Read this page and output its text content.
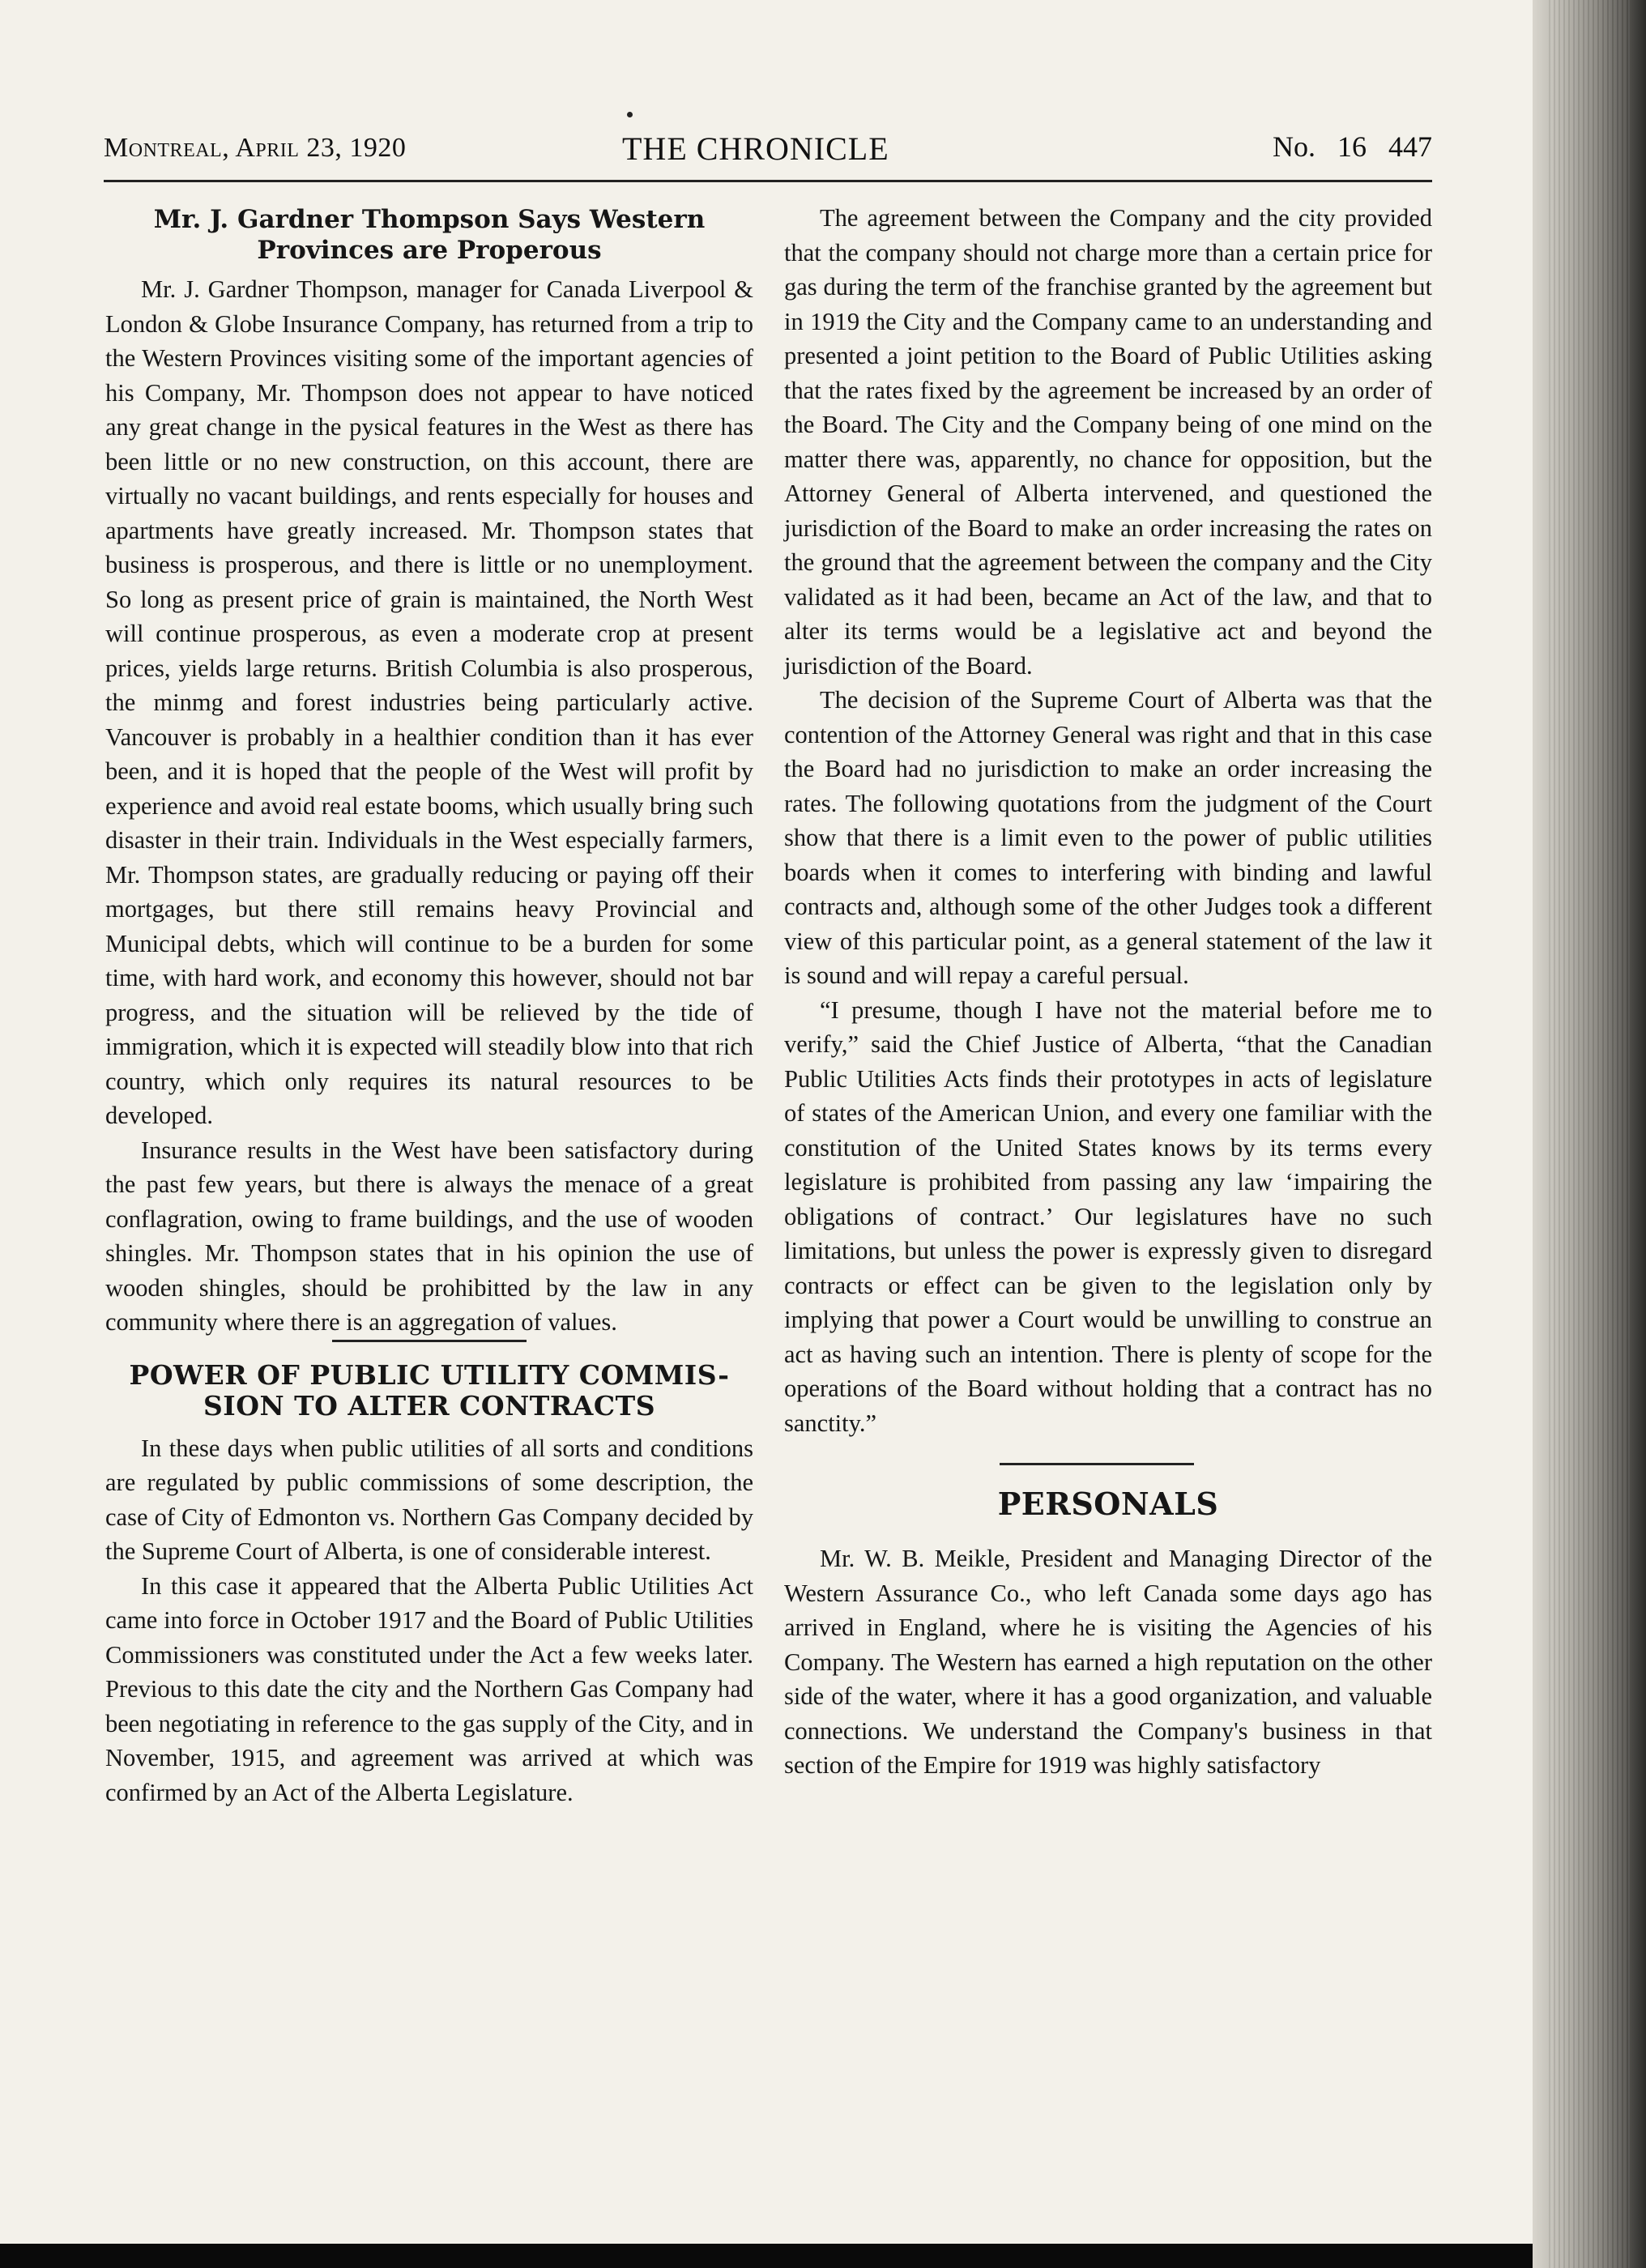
Montreal, April 23, 1920	THE CHRONICLE	No. 16 447
Mr. J. Gardner Thompson Says Western
Provinces are Properous

Mr. J. Gardner Thompson, manager for Canada Liverpool & London & Globe Insurance Company, has returned from a trip to the Western Provinces visiting some of the important agencies of his Company, Mr. Thompson does not appear to have noticed any great change in the pysical features in the West as there has been little or no new construction, on this account, there are virtually no vacant buildings, and rents especially for houses and apartments have greatly increased. Mr. Thompson states that business is prosperous, and there is little or no unemployment. So long as present price of grain is maintained, the North West will continue prosperous, as even a moderate crop at present prices, yields large returns. British Columbia is also prosperous, the minmg and forest industries being particularly active. Vancouver is probably in a healthier condition than it has ever been, and it is hoped that the people of the West will profit by experience and avoid real estate booms, which usually bring such disaster in their train. Individuals in the West especially farmers, Mr. Thompson states, are gradually reducing or paying off their mortgages, but there still remains heavy Provincial and Municipal debts, which will continue to be a burden for some time, with hard work, and economy this however, should not bar progress, and the situation will be relieved by the tide of immigration, which it is expected will steadily blow into that rich country, which only requires its natural resources to be developed.

Insurance results in the West have been satisfactory during the past few years, but there is always the menace of a great conflagration, owing to frame buildings, and the use of wooden shingles. Mr. Thompson states that in his opinion the use of wooden shingles, should be prohibitted by the law in any community where there is an aggregation of values.

POWER OF PUBLIC UTILITY COMMIS-
SION TO ALTER CONTRACTS

In these days when public utilities of all sorts and conditions are regulated by public commissions of some description, the case of City of Edmonton vs. Northern Gas Company decided by the Supreme Court of Alberta, is one of considerable interest.

In this case it appeared that the Alberta Public Utilities Act came into force in October 1917 and the Board of Public Utilities Commissioners was constituted under the Act a few weeks later. Previous to this date the city and the Northern Gas Company had been negotiating in reference to the gas supply of the City, and in November, 1915, and agreement was arrived at which was confirmed by an Act of the Alberta Legislature.

The agreement between the Company and the city provided that the company should not charge more than a certain price for gas during the term of the franchise granted by the agreement but in 1919 the City and the Company came to an understanding and presented a joint petition to the Board of Public Utilities asking that the rates fixed by the agreement be increased by an order of the Board. The City and the Company being of one mind on the matter there was, apparently, no chance for opposition, but the Attorney General of Alberta intervened, and questioned the jurisdiction of the Board to make an order increasing the rates on the ground that the agreement between the company and the City validated as it had been, became an Act of the law, and that to alter its terms would be a legislative act and beyond the jurisdiction of the Board.

The decision of the Supreme Court of Alberta was that the contention of the Attorney General was right and that in this case the Board had no jurisdiction to make an order increasing the rates. The following quotations from the judgment of the Court show that there is a limit even to the power of public utilities boards when it comes to interfering with binding and lawful contracts and, although some of the other Judges took a different view of this particular point, as a general statement of the law it is sound and will repay a careful persual.

“I presume, though I have not the material before me to verify,” said the Chief Justice of Alberta, “that the Canadian Public Utilities Acts finds their prototypes in acts of legislature of states of the American Union, and every one familiar with the constitution of the United States knows by its terms every legislature is prohibited from passing any law ‘impairing the obligations of contract.’ Our legislatures have no such limitations, but unless the power is expressly given to disregard contracts or effect can be given to the legislation only by implying that power a Court would be unwilling to construe an act as having such an intention. There is plenty of scope for the operations of the Board without holding that a contract has no sanctity.”

PERSONALS

Mr. W. B. Meikle, President and Managing Director of the Western Assurance Co., who left Canada some days ago has arrived in England, where he is visiting the Agencies of his Company. The Western has earned a high reputation on the other side of the water, where it has a good organization, and valuable connections. We understand the Company's business in that section of the Empire for 1919 was highly satisfactory
